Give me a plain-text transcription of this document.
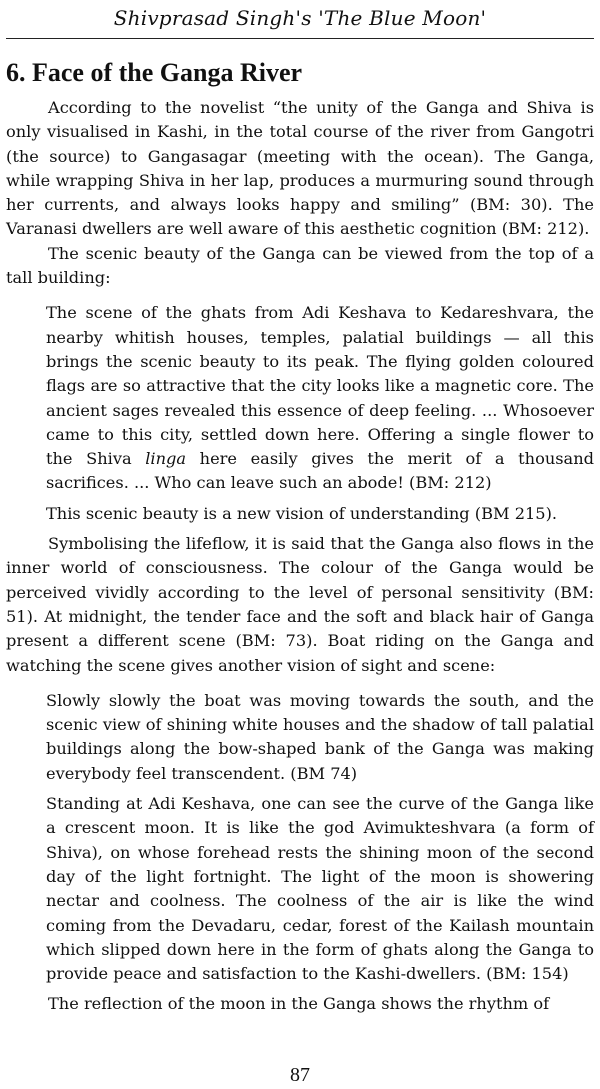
Shivprasad Singh's 'The Blue Moon'
6. Face of the Ganga River

According to the novelist “the unity of the Ganga and Shiva is only visualised in Kashi, in the total course of the river from Gangotri (the source) to Gangasagar (meeting with the ocean). The Ganga, while wrapping Shiva in her lap, produces a murmuring sound through her currents, and always looks happy and smiling” (BM: 30). The Varanasi dwellers are well aware of this aesthetic cognition (BM: 212).

The scenic beauty of the Ganga can be viewed from the top of a tall building:

The scene of the ghats from Adi Keshava to Kedareshvara, the nearby whitish houses, temples, palatial buildings — all this brings the scenic beauty to its peak. The flying golden coloured flags are so attractive that the city looks like a magnetic core. The ancient sages revealed this essence of deep feeling. ... Whosoever came to this city, settled down here. Offering a single flower to the Shiva linga here easily gives the merit of a thousand sacrifices. ... Who can leave such an abode! (BM: 212)

This scenic beauty is a new vision of understanding (BM 215).

Symbolising the lifeflow, it is said that the Ganga also flows in the inner world of consciousness. The colour of the Ganga would be perceived vividly according to the level of personal sensitivity (BM: 51). At midnight, the tender face and the soft and black hair of Ganga present a different scene (BM: 73). Boat riding on the Ganga and watching the scene gives another vision of sight and scene:

Slowly slowly the boat was moving towards the south, and the scenic view of shining white houses and the shadow of tall palatial buildings along the bow-shaped bank of the Ganga was making everybody feel transcendent. (BM 74)

Standing at Adi Keshava, one can see the curve of the Ganga like a crescent moon. It is like the god Avimukteshvara (a form of Shiva), on whose forehead rests the shining moon of the second day of the light fortnight. The light of the moon is showering nectar and coolness. The coolness of the air is like the wind coming from the Devadaru, cedar, forest of the Kailash mountain which slipped down here in the form of ghats along the Ganga to provide peace and satisfaction to the Kashi-dwellers. (BM: 154)

The reflection of the moon in the Ganga shows the rhythm of

87
